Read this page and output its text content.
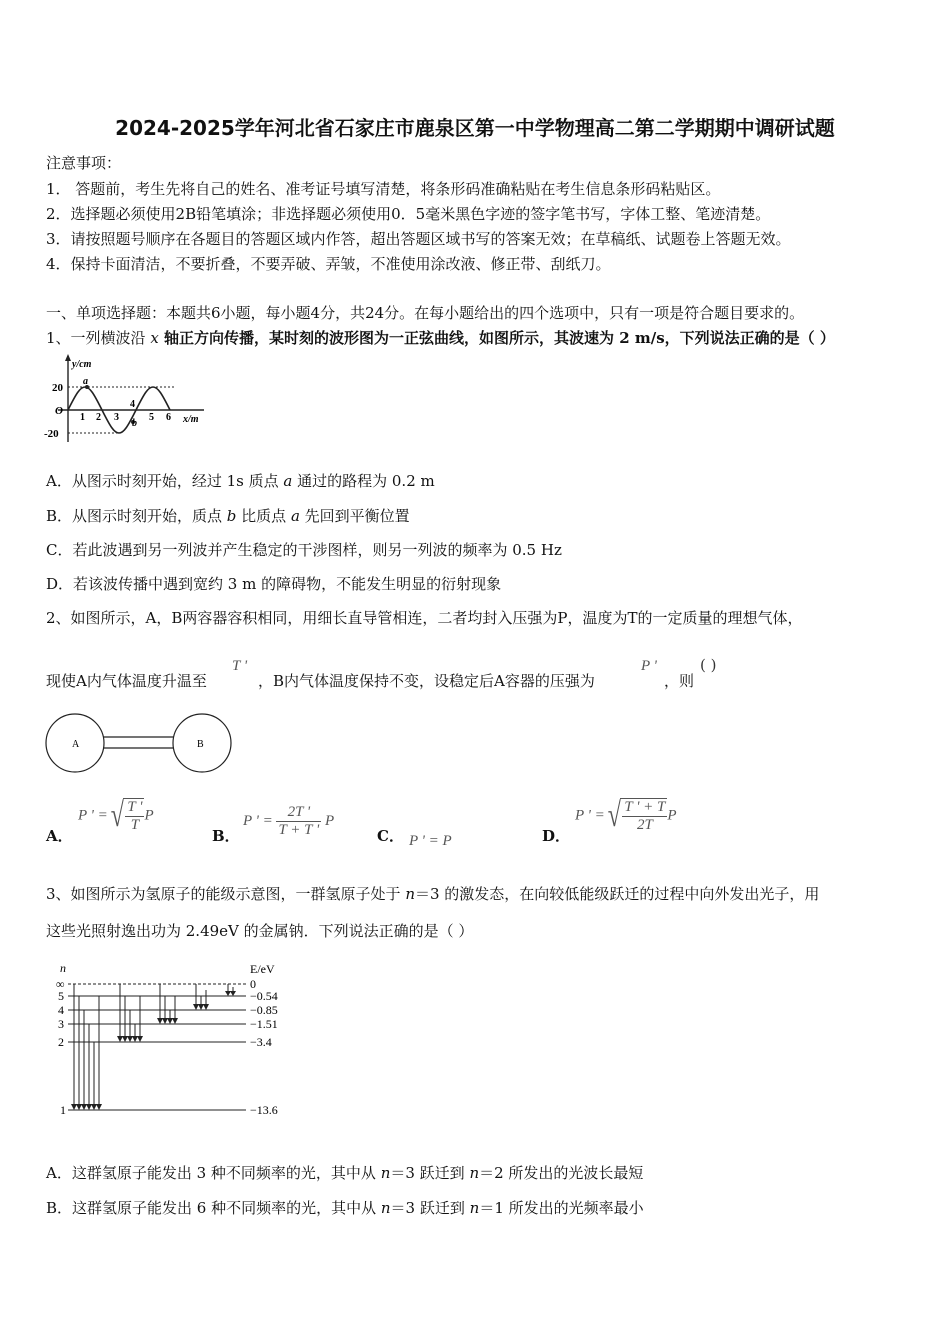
2024-2025学年河北省石家庄市鹿泉区第一中学物理高二第二学期期中调研试题
注意事项：
1． 答题前，考生先将自己的姓名、准考证号填写清楚，将条形码准确粘贴在考生信息条形码粘贴区。
2．选择题必须使用2B铅笔填涂；非选择题必须使用0．5毫米黑色字迹的签字笔书写，字体工整、笔迹清楚。
3．请按照题号顺序在各题目的答题区域内作答，超出答题区域书写的答案无效；在草稿纸、试题卷上答题无效。
4．保持卡面清洁，不要折叠，不要弄破、弄皱，不准使用涂改液、修正带、刮纸刀。
一、单项选择题：本题共6小题，每小题4分，共24分。在每小题给出的四个选项中，只有一项是符合题目要求的。
1、一列横波沿 x 轴正方向传播，某时刻的波形图为一正弦曲线，如图所示，其波速为 2 m/s，下列说法正确的是（ ）
y/cm
x/m
20
O
-20
1 2 3
4
5 6
a
b
A．从图示时刻开始，经过 1s 质点 a 通过的路程为 0.2 m
B．从图示时刻开始，质点 b 比质点 a 先回到平衡位置
C．若此波遇到另一列波并产生稳定的干涉图样，则另一列波的频率为 0.5 Hz
D．若该波传播中遇到宽约 3 m 的障碍物，不能发生明显的衍射现象
2、如图所示，A，B两容器容积相同，用细长直导管相连，二者均封入压强为P，温度为T的一定质量的理想气体，
现使A内气体温度升温至
T '
，B内气体温度保持不变，设稳定后A容器的压强为
P '
，则
( )
A	B
A．
P ' =√ $\frac{T '}{T}$ P
B．
P ' = $\frac{2T '}{T + T '}$ P
C． P ' = P	D．
P ' =√ $\frac{T ' + T}{2T}$ P
3、如图所示为氢原子的能级示意图，一群氢原子处于 n＝3 的激发态，在向较低能级跃迁的过程中向外发出光子，用
这些光照射逸出功为 2.49eV 的金属钠．下列说法正确的是（ ）
n	E/eV
∞	0
5	−0.54
4	−0.85
3	−1.51
2	−3.4
1	−13.6
A．这群氢原子能发出 3 种不同频率的光，其中从 n＝3 跃迁到 n＝2 所发出的光波长最短
B．这群氢原子能发出 6 种不同频率的光，其中从 n＝3 跃迁到 n＝1 所发出的光频率最小
